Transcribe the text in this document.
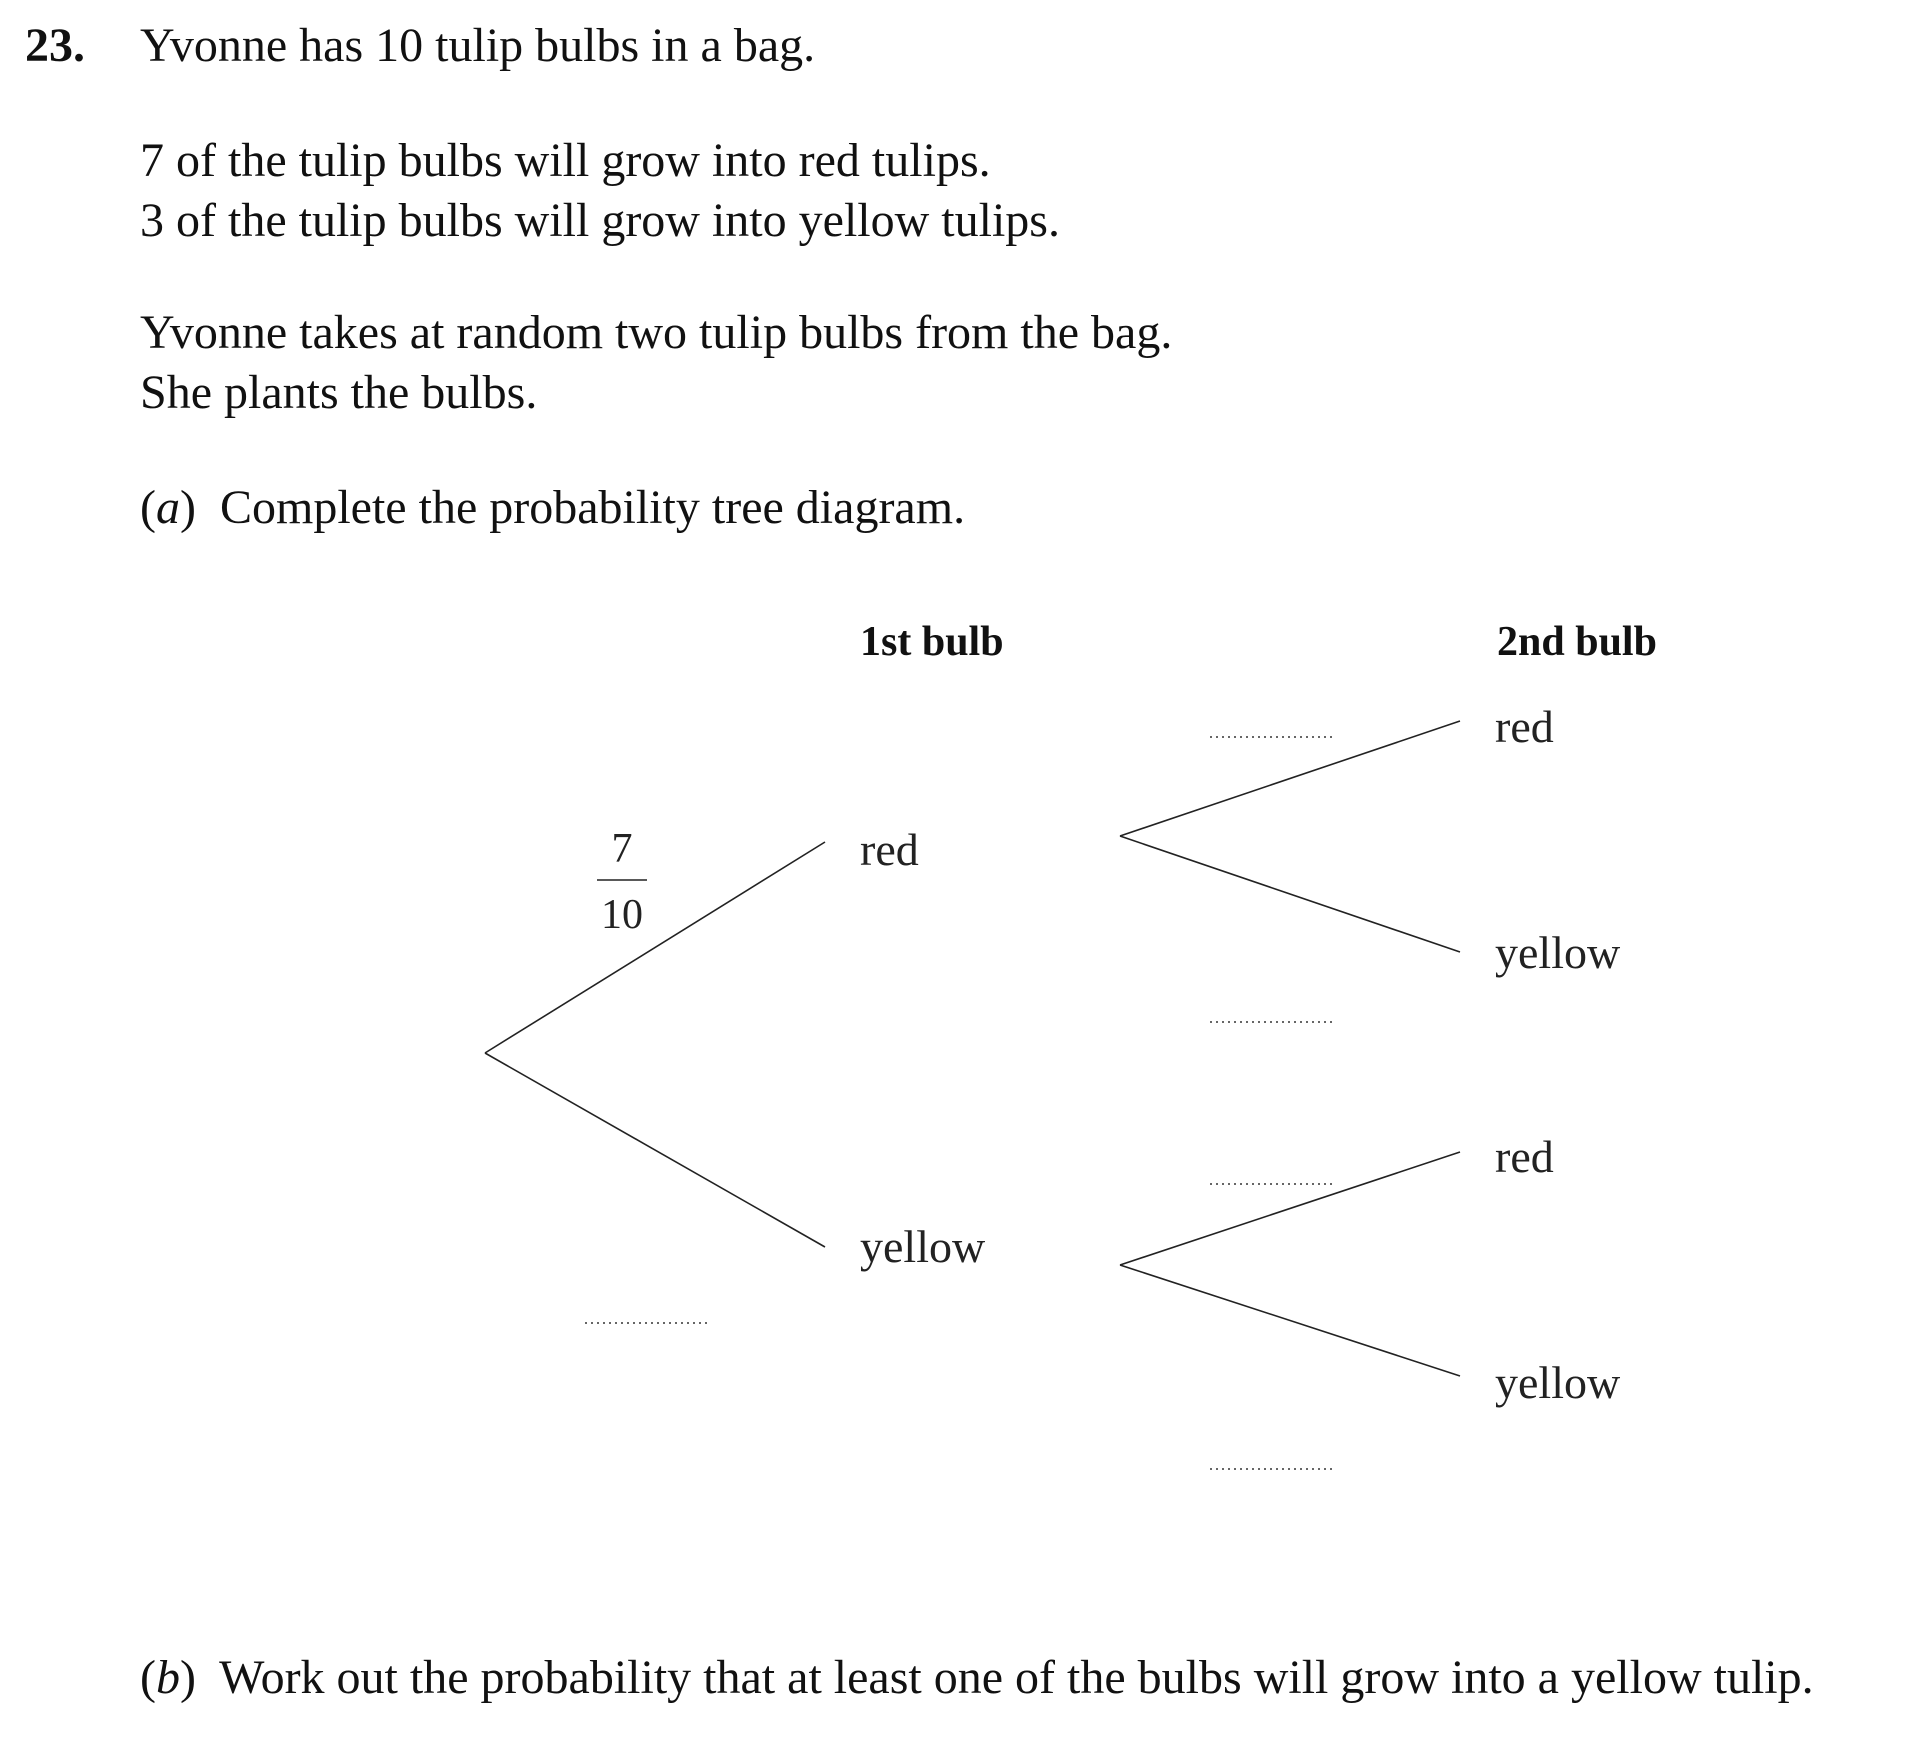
23. Yvonne has 10 tulip bulbs in a bag.
7 of the tulip bulbs will grow into red tulips.
3 of the tulip bulbs will grow into yellow tulips.
Yvonne takes at random two tulip bulbs from the bag.
She plants the bulbs.
(a)  Complete the probability tree diagram.
1st bulb	2nd bulb
7
10
red
yellow
red
yellow
red
yellow
(b)  Work out the probability that at least one of the bulbs will grow into a yellow tulip.
